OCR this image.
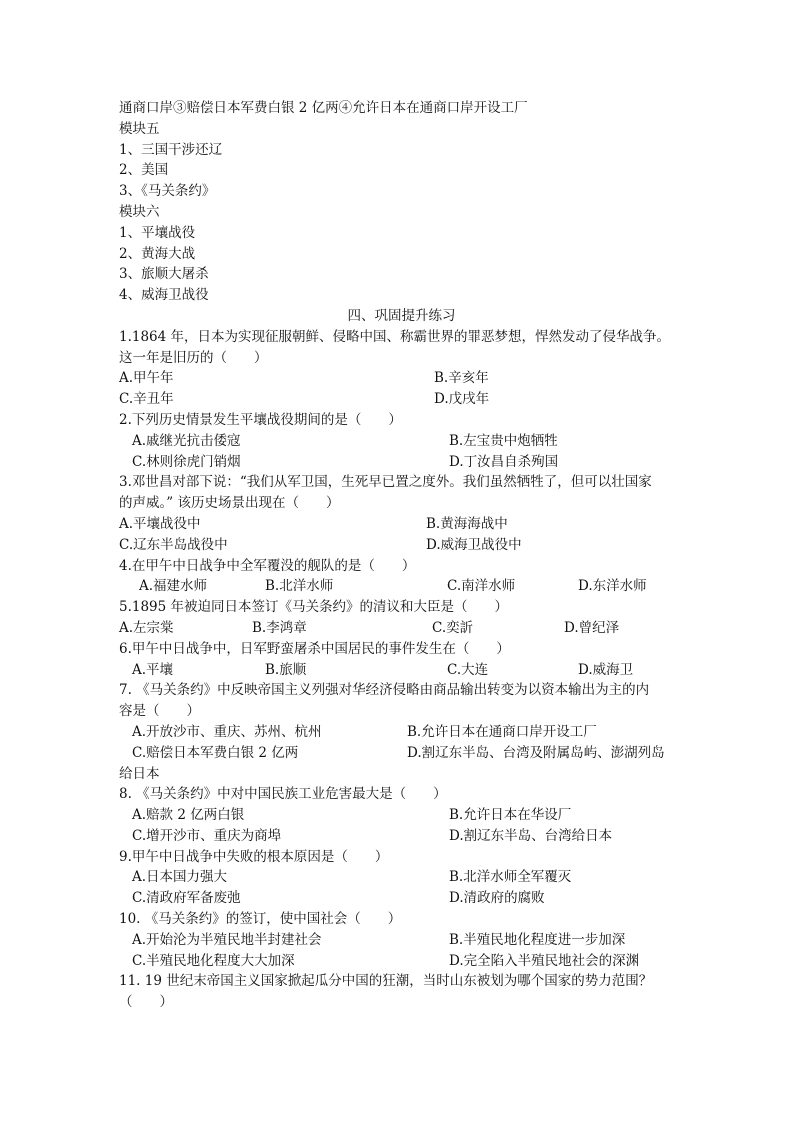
通商口岸③赔偿日本军费白银 2 亿两④允许日本在通商口岸开设工厂
模块五
1、三国干涉还辽
2、美国
3、《马关条约》
模块六
1、平壤战役
2、黄海大战
3、旅顺大屠杀
4、威海卫战役
四、巩固提升练习
1.1864 年，日本为实现征服朝鲜、侵略中国、称霸世界的罪恶梦想，悍然发动了侵华战争。
这一年是旧历的（　　）
A.甲午年	B.辛亥年
C.辛丑年	D.戊戌年
2.下列历史情景发生平壤战役期间的是（　　）
A.戚继光抗击倭寇	B.左宝贵中炮牺牲
C.林则徐虎门销烟	D.丁汝昌自杀殉国
3.邓世昌对部下说：“我们从军卫国，生死早已置之度外。我们虽然牺牲了，但可以壮国家
的声威。” 该历史场景出现在（　　）
A.平壤战役中	B.黄海海战中
C.辽东半岛战役中	D.威海卫战役中
4.在甲午中日战争中全军覆没的舰队的是（　　）
A.福建水师	B.北洋水师	C.南洋水师	D.东洋水师
5.1895 年被迫同日本签订《马关条约》的清议和大臣是（　　）
A.左宗棠	B.李鸿章	C.奕訢	D.曾纪泽
6.甲午中日战争中，日军野蛮屠杀中国居民的事件发生在（　　）
A.平壤	B.旅顺	C.大连	D.威海卫
7. 《马关条约》中反映帝国主义列强对华经济侵略由商品输出转变为以资本输出为主的内
容是（　　）
A.开放沙市、重庆、苏州、杭州	B.允许日本在通商口岸开设工厂
C.赔偿日本军费白银 2 亿两	D.割辽东半岛、台湾及附属岛屿、澎湖列岛
给日本
8. 《马关条约》中对中国民族工业危害最大是（　　）
A.赔款 2 亿两白银	B.允许日本在华设厂
C.增开沙市、重庆为商埠	D.割辽东半岛、台湾给日本
9.甲午中日战争中失败的根本原因是（　　）
A.日本国力强大	B.北洋水师全军覆灭
C.清政府军备废弛	D.清政府的腐败
10. 《马关条约》的签订，使中国社会（　　）
A.开始沦为半殖民地半封建社会	B.半殖民地化程度进一步加深
C.半殖民地化程度大大加深	D.完全陷入半殖民地社会的深渊
11. 19 世纪末帝国主义国家掀起瓜分中国的狂潮，当时山东被划为哪个国家的势力范围？
（　　）
